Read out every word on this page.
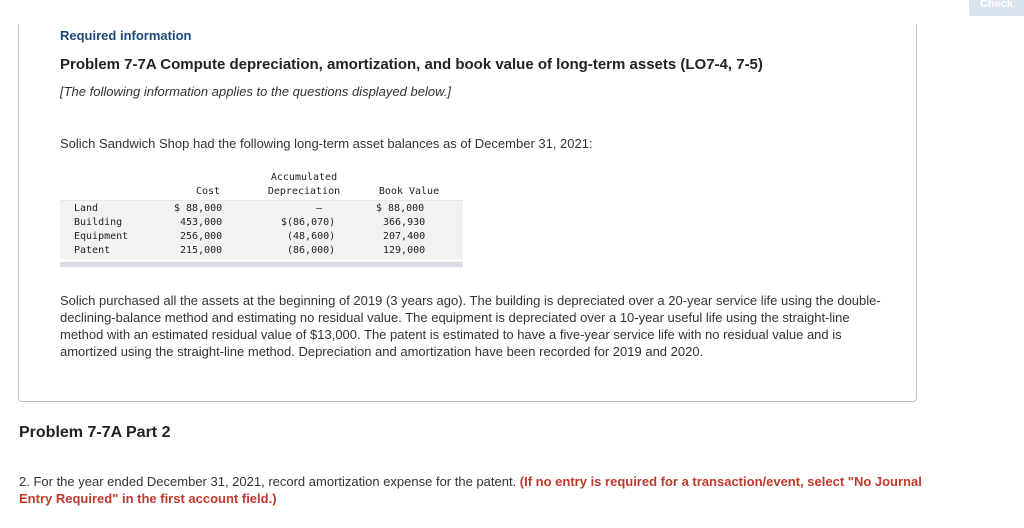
Check
Required information
Problem 7-7A Compute depreciation, amortization, and book value of long-term assets (LO7-4, 7-5)
[The following information applies to the questions displayed below.]
Solich Sandwich Shop had the following long-term asset balances as of December 31, 2021:
Cost
Accumulated
Depreciation	Book Value
Land	$ 88,000	–	$ 88,000
Building	453,000	$(86,070)	366,930
Equipment	256,000	(48,600)	207,400
Patent	215,000	(86,000)	129,000
Solich purchased all the assets at the beginning of 2019 (3 years ago). The building is depreciated over a 20-year service life using the double-declining-balance method and estimating no residual value. The equipment is depreciated over a 10-year useful life using the straight-line method with an estimated residual value of $13,000. The patent is estimated to have a five-year service life with no residual value and is amortized using the straight-line method. Depreciation and amortization have been recorded for 2019 and 2020.
Problem 7-7A Part 2
2. For the year ended December 31, 2021, record amortization expense for the patent. (If no entry is required for a transaction/event, select "No Journal Entry Required" in the first account field.)
